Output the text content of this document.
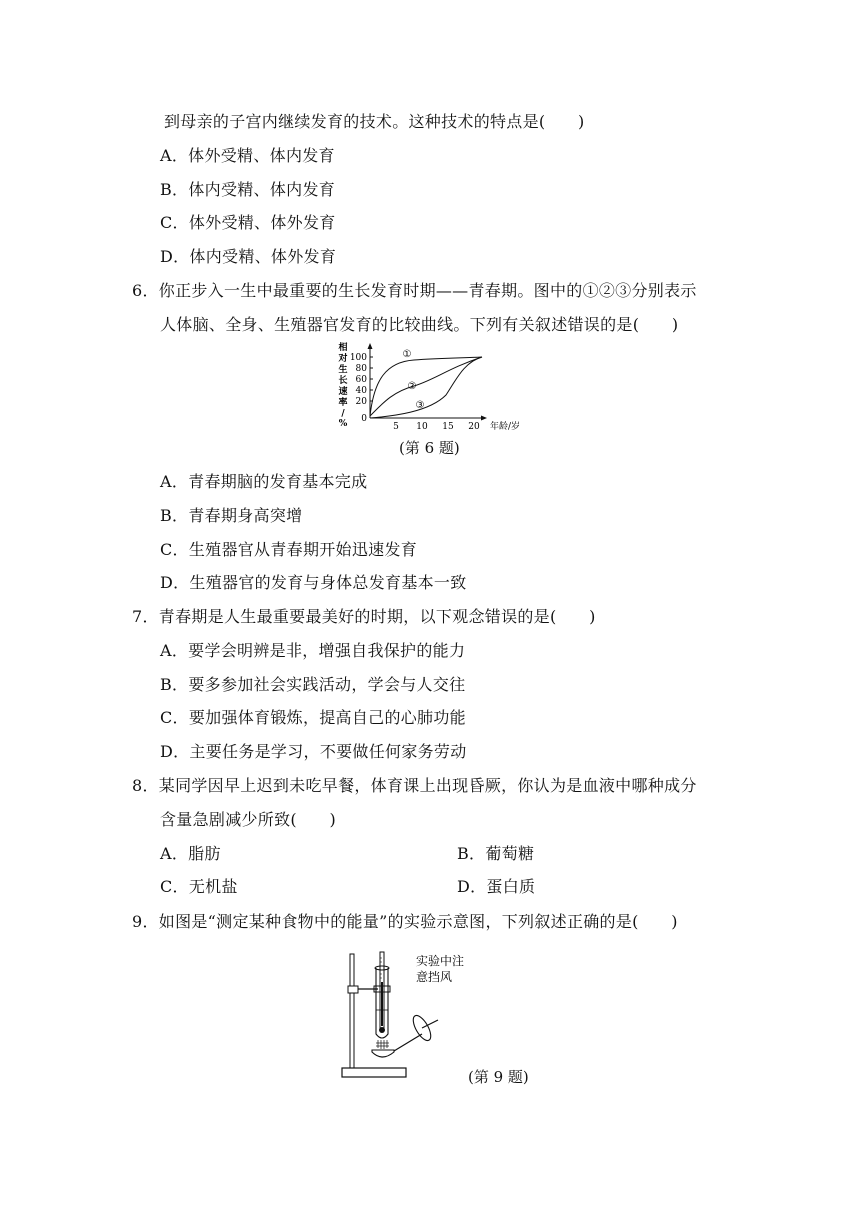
到母亲的子宫内继续发育的技术。这种技术的特点是(　　)
A．体外受精、体内发育
B．体内受精、体内发育
C．体外受精、体外发育
D．体内受精、体外发育
6．你正步入一生中最重要的生长发育时期——青春期。图中的①②③分别表示
人体脑、全身、生殖器官发育的比较曲线。下列有关叙述错误的是(　　)
相
对
生
长
速
率
/
%
100
80
60
40
20
0
5 10 15 20 年龄/岁
①
②
③
(第 6 题)
A．青春期脑的发育基本完成
B．青春期身高突增
C．生殖器官从青春期开始迅速发育
D．生殖器官的发育与身体总发育基本一致
7．青春期是人生最重要最美好的时期，以下观念错误的是(　　)
A．要学会明辨是非，增强自我保护的能力
B．要多参加社会实践活动，学会与人交往
C．要加强体育锻炼，提高自己的心肺功能
D．主要任务是学习，不要做任何家务劳动
8．某同学因早上迟到未吃早餐，体育课上出现昏厥，你认为是血液中哪种成分
含量急剧减少所致(　　)
A．脂肪	B．葡萄糖
C．无机盐	D．蛋白质
9．如图是“测定某种食物中的能量”的实验示意图，下列叙述正确的是(　　)
实验中注
意挡风
(第 9 题)
